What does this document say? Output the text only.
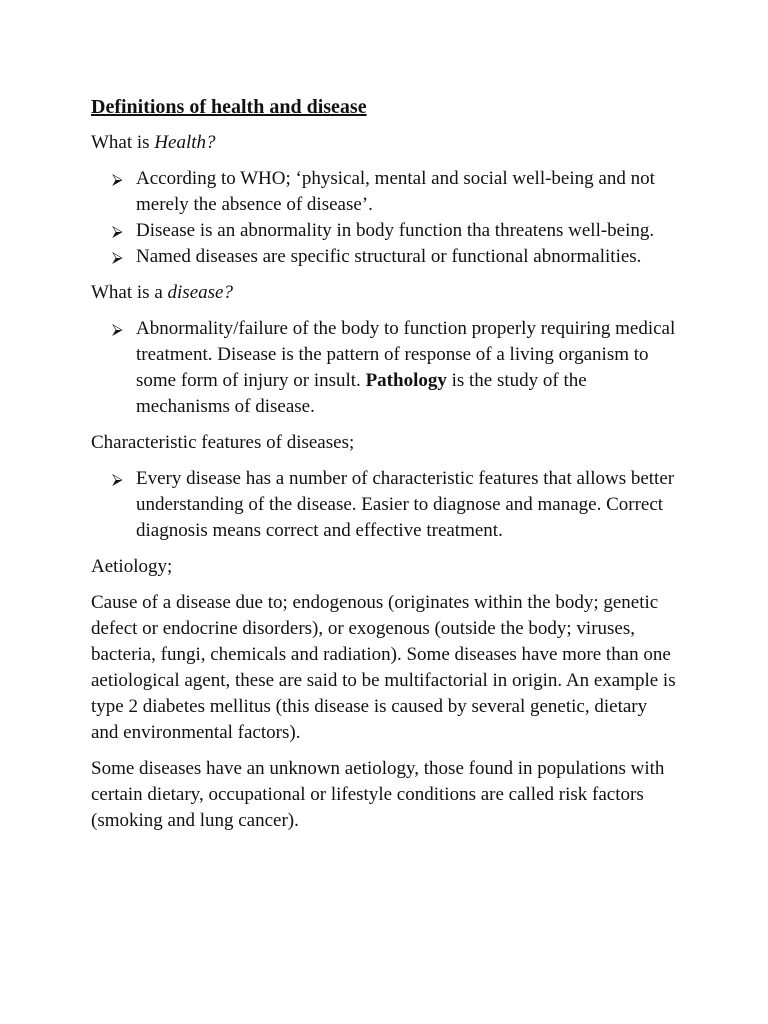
Definitions of health and disease
What is Health?
⮚ According to WHO; ‘physical, mental and social well-being and not merely the absence of disease’.
⮚ Disease is an abnormality in body function tha threatens well-being.
⮚ Named diseases are specific structural or functional abnormalities.
What is a disease?
⮚ Abnormality/failure of the body to function properly requiring medical treatment. Disease is the pattern of response of a living organism to some form of injury or insult. Pathology is the study of the mechanisms of disease.
Characteristic features of diseases;
⮚ Every disease has a number of characteristic features that allows better understanding of the disease. Easier to diagnose and manage. Correct diagnosis means correct and effective treatment.
Aetiology;
Cause of a disease due to; endogenous (originates within the body; genetic defect or endocrine disorders), or exogenous (outside the body; viruses, bacteria, fungi, chemicals and radiation). Some diseases have more than one aetiological agent, these are said to be multifactorial in origin. An example is type 2 diabetes mellitus (this disease is caused by several genetic, dietary and environmental factors).
Some diseases have an unknown aetiology, those found in populations with certain dietary, occupational or lifestyle conditions are called risk factors (smoking and lung cancer).
